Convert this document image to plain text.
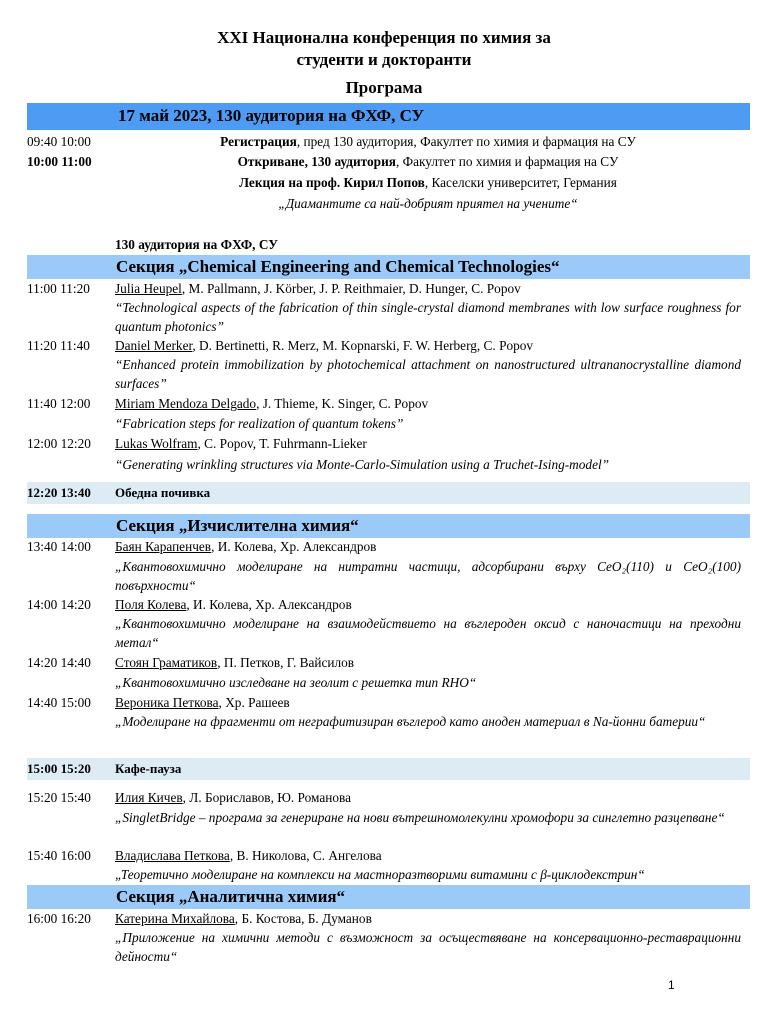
XXI Национална конференция по химия за
студенти и докторанти
Програма
17 май 2023, 130 аудитория на ФХФ, СУ
09:40 10:00	Регистрация, пред 130 аудитория, Факултет по химия и фармация на СУ
10:00 11:00	Откриване, 130 аудитория, Факултет по химия и фармация на СУ
Лекция на проф. Кирил Попов, Каселски университет, Германия
„Диамантите са най-добрият приятел на учените“
130 аудитория на ФХФ, СУ
Секция „Chemical Engineering and Chemical Technologies“
11:00 11:20 Julia Heupel, M. Pallmann, J. Körber, J. P. Reithmaier, D. Hunger, C. Popov
“Technological aspects of the fabrication of thin single-crystal diamond membranes with low surface roughness for quantum photonics”
11:20 11:40 Daniel Merker, D. Bertinetti, R. Merz, M. Kopnarski, F. W. Herberg, C. Popov
“Enhanced protein immobilization by photochemical attachment on nanostructured ultrananocrystalline diamond surfaces”
11:40 12:00 Miriam Mendoza Delgado, J. Thieme, K. Singer, C. Popov
“Fabrication steps for realization of quantum tokens”
12:00 12:20 Lukas Wolfram, C. Popov, T. Fuhrmann-Lieker
“Generating wrinkling structures via Monte-Carlo-Simulation using a Truchet-Ising-model”
12:20 13:40 Обедна почивка
Секция „Изчислителна химия“
13:40 14:00 Баян Карапенчев, И. Колева, Хр. Александров
„Квантовохимично моделиране на нитратни частици, адсорбирани върху CeO₂(110) и CeO₂(100) повърхности“
14:00 14:20 Поля Колева, И. Колева, Хр. Александров
„Квантовохимично моделиране на взаимодействието на въглероден оксид с наночастици на преходни метал“
14:20 14:40 Стоян Граматиков, П. Петков, Г. Вайсилов
„Квантовохимично изследване на зеолит с решетка тип RHO“
14:40 15:00 Вероника Петкова, Хр. Рашеев
„Моделиране на фрагменти от неграфитизиран въглерод като аноден материал в Na-йонни батерии“
15:00 15:20 Кафе-пауза
15:20 15:40 Илия Кичев, Л. Бориславов, Ю. Романова
„SingletBridge – програма за генериране на нови вътрешномолекулни хромофори за синглетно разцепване“
15:40 16:00 Владислава Петкова, В. Николова, С. Ангелова
„Теоретично моделиране на комплекси на мастноразтворими витамини с β-циклодекстрин“
Секция „Аналитична химия“
16:00 16:20 Катерина Михайлова, Б. Костова, Б. Думанов
„Приложение на химични методи с възможност за осъществяване на консервационно-реставрационни дейности“
1
